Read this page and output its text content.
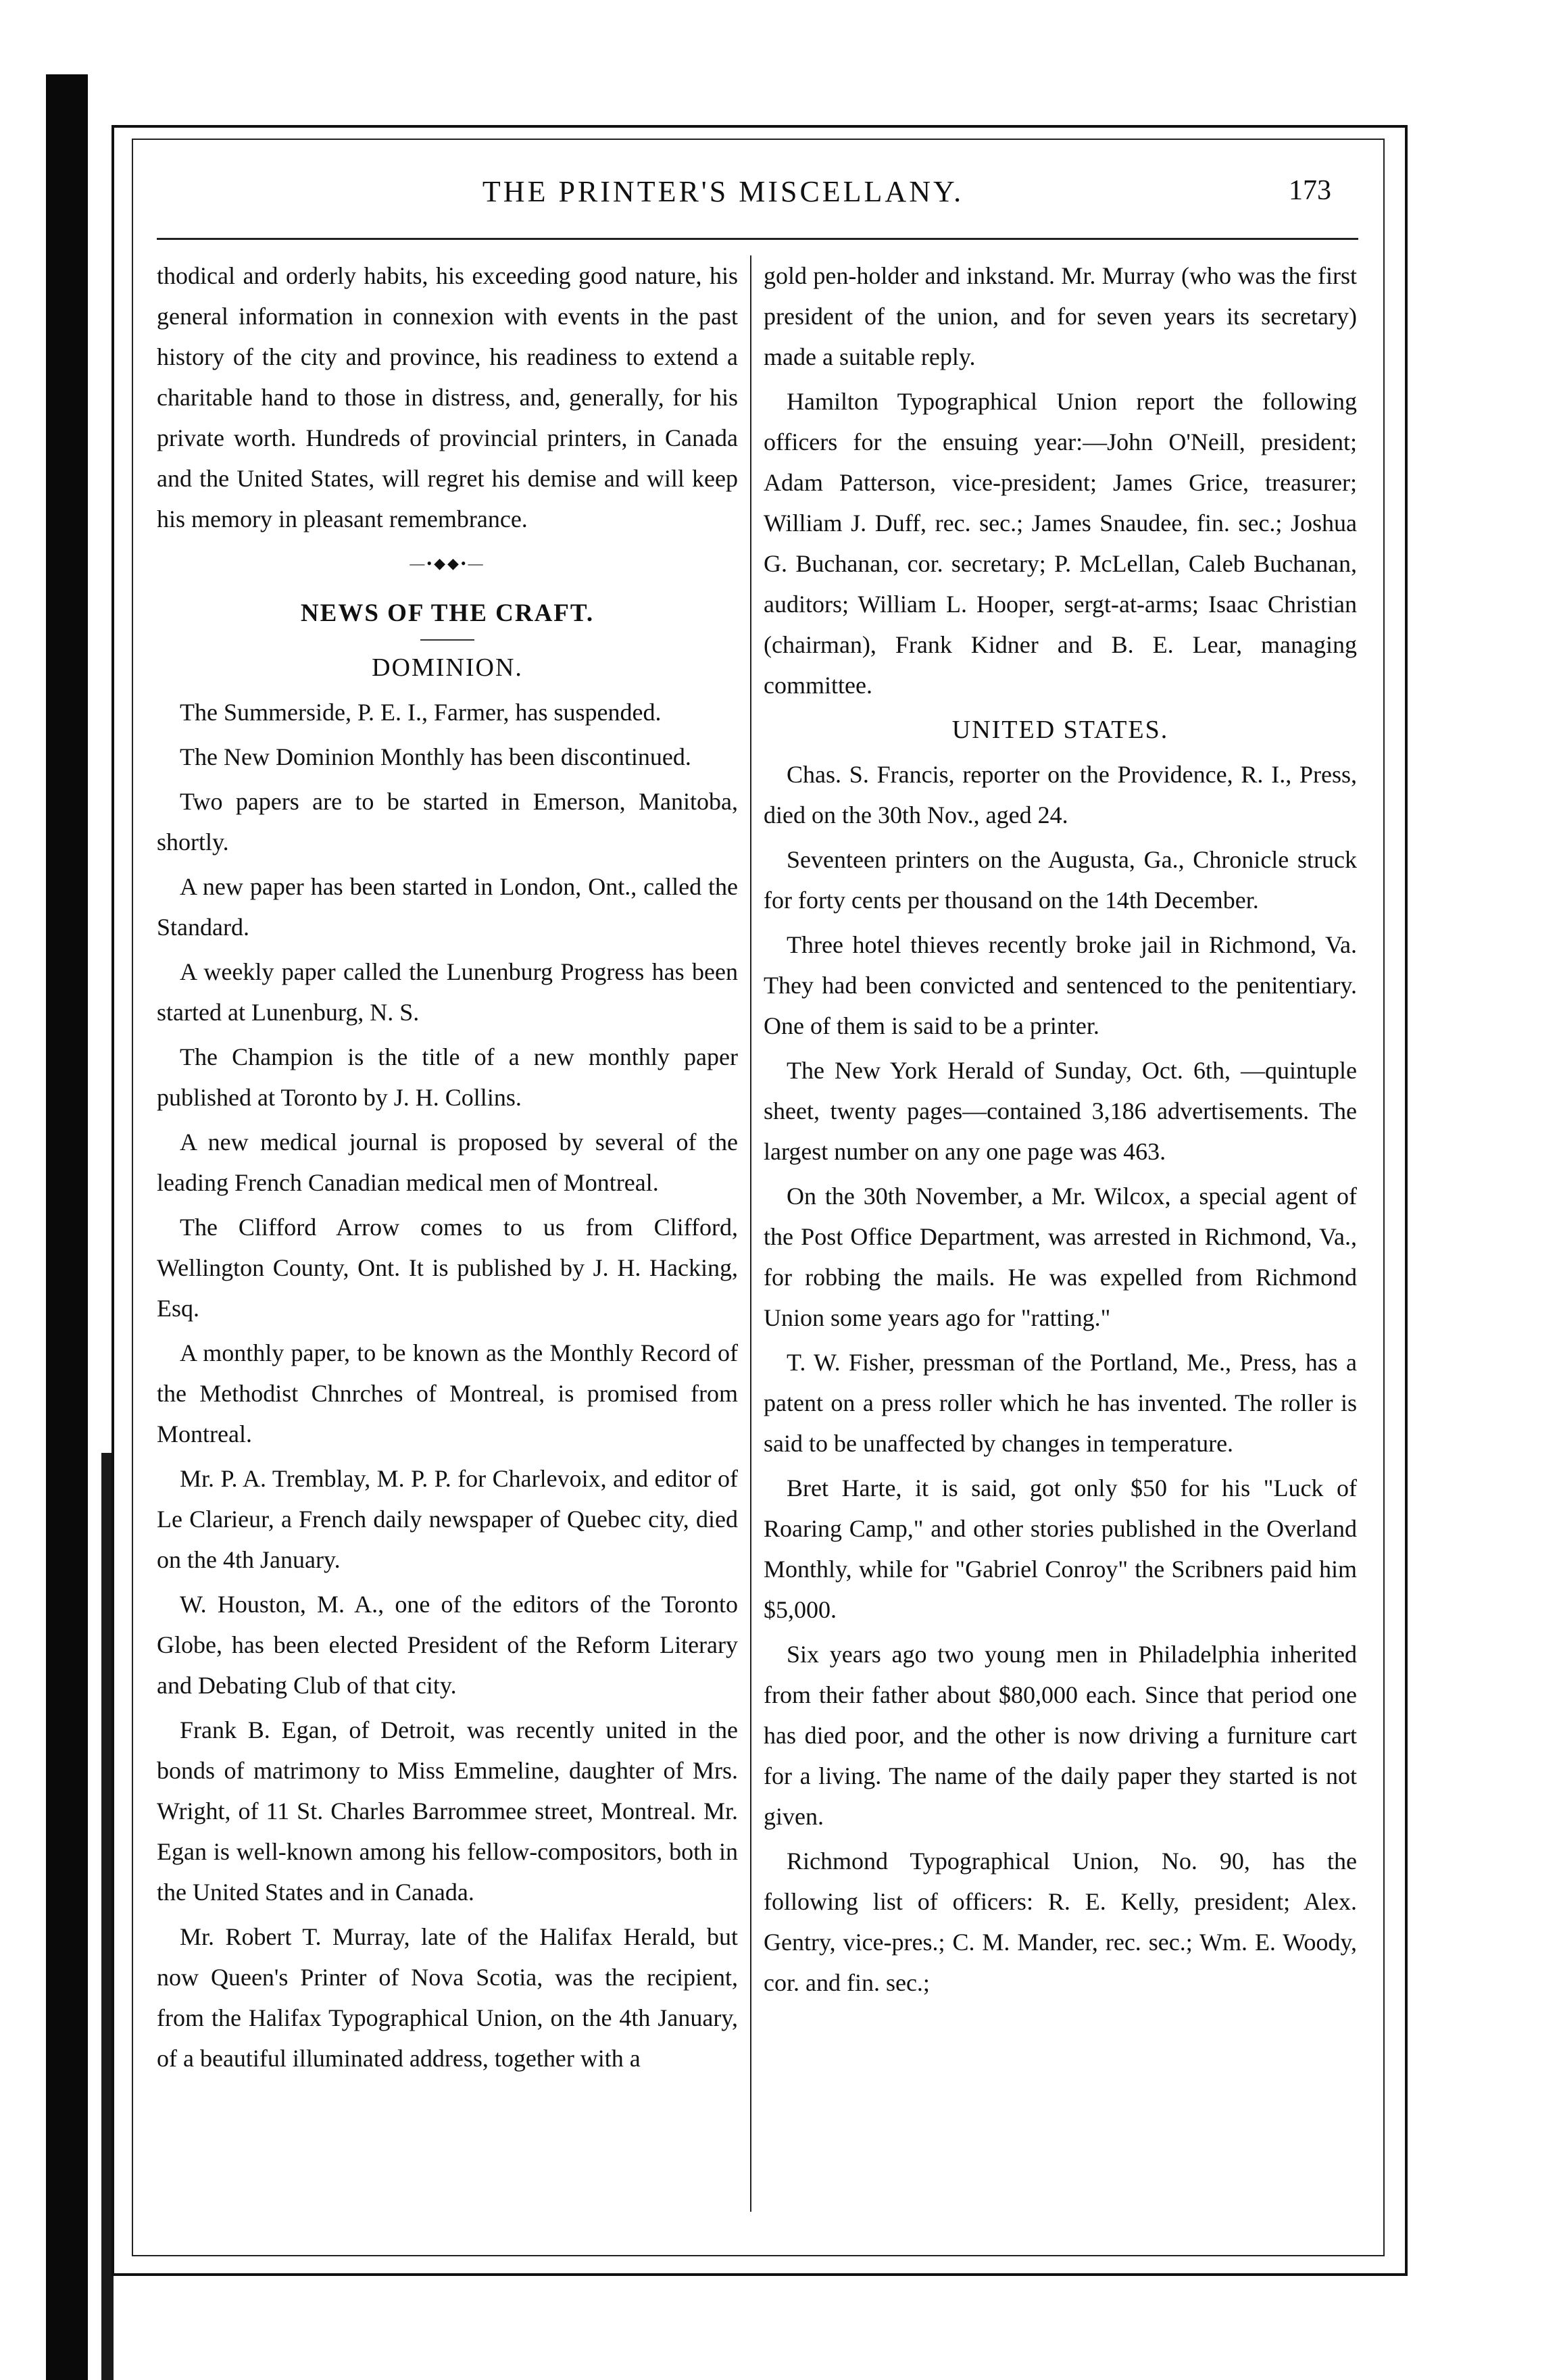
THE PRINTER'S MISCELLANY.	173

thodical and orderly habits, his exceeding good nature, his general information in connexion with events in the past history of the city and province, his readiness to extend a charitable hand to those in distress, and, generally, for his private worth. Hundreds of provincial printers, in Canada and the United States, will regret his demise and will keep his memory in pleasant remembrance.

—•◆◆•—
NEWS OF THE CRAFT.
DOMINION.

The Summerside, P. E. I., Farmer, has suspended.

The New Dominion Monthly has been discontinued.

Two papers are to be started in Emerson, Manitoba, shortly.

A new paper has been started in London, Ont., called the Standard.

A weekly paper called the Lunenburg Progress has been started at Lunenburg, N. S.

The Champion is the title of a new monthly paper published at Toronto by J. H. Collins.

A new medical journal is proposed by several of the leading French Canadian medical men of Montreal.

The Clifford Arrow comes to us from Clifford, Wellington County, Ont. It is published by J. H. Hacking, Esq.

A monthly paper, to be known as the Monthly Record of the Methodist Chnrches of Montreal, is promised from Montreal.

Mr. P. A. Tremblay, M. P. P. for Charlevoix, and editor of Le Clarieur, a French daily newspaper of Quebec city, died on the 4th January.

W. Houston, M. A., one of the editors of the Toronto Globe, has been elected President of the Reform Literary and Debating Club of that city.

Frank B. Egan, of Detroit, was recently united in the bonds of matrimony to Miss Emmeline, daughter of Mrs. Wright, of 11 St. Charles Barrommee street, Montreal. Mr. Egan is well-known among his fellow-compositors, both in the United States and in Canada.

Mr. Robert T. Murray, late of the Halifax Herald, but now Queen's Printer of Nova Scotia, was the recipient, from the Halifax Typographical Union, on the 4th January, of a beautiful illuminated address, together with a

gold pen-holder and inkstand. Mr. Murray (who was the first president of the union, and for seven years its secretary) made a suitable reply.

Hamilton Typographical Union report the following officers for the ensuing year:—John O'Neill, president; Adam Patterson, vice-president; James Grice, treasurer; William J. Duff, rec. sec.; James Snaudee, fin. sec.; Joshua G. Buchanan, cor. secretary; P. McLellan, Caleb Buchanan, auditors; William L. Hooper, sergt-at-arms; Isaac Christian (chairman), Frank Kidner and B. E. Lear, managing committee.

UNITED STATES.

Chas. S. Francis, reporter on the Providence, R. I., Press, died on the 30th Nov., aged 24.

Seventeen printers on the Augusta, Ga., Chronicle struck for forty cents per thousand on the 14th December.

Three hotel thieves recently broke jail in Richmond, Va. They had been convicted and sentenced to the penitentiary. One of them is said to be a printer.

The New York Herald of Sunday, Oct. 6th, —quintuple sheet, twenty pages—contained 3,186 advertisements. The largest number on any one page was 463.

On the 30th November, a Mr. Wilcox, a special agent of the Post Office Department, was arrested in Richmond, Va., for robbing the mails. He was expelled from Richmond Union some years ago for "ratting."

T. W. Fisher, pressman of the Portland, Me., Press, has a patent on a press roller which he has invented. The roller is said to be unaffected by changes in temperature.

Bret Harte, it is said, got only $50 for his "Luck of Roaring Camp," and other stories published in the Overland Monthly, while for "Gabriel Conroy" the Scribners paid him $5,000.

Six years ago two young men in Philadelphia inherited from their father about $80,000 each. Since that period one has died poor, and the other is now driving a furniture cart for a living. The name of the daily paper they started is not given.

Richmond Typographical Union, No. 90, has the following list of officers: R. E. Kelly, president; Alex. Gentry, vice-pres.; C. M. Mander, rec. sec.; Wm. E. Woody, cor. and fin. sec.;
